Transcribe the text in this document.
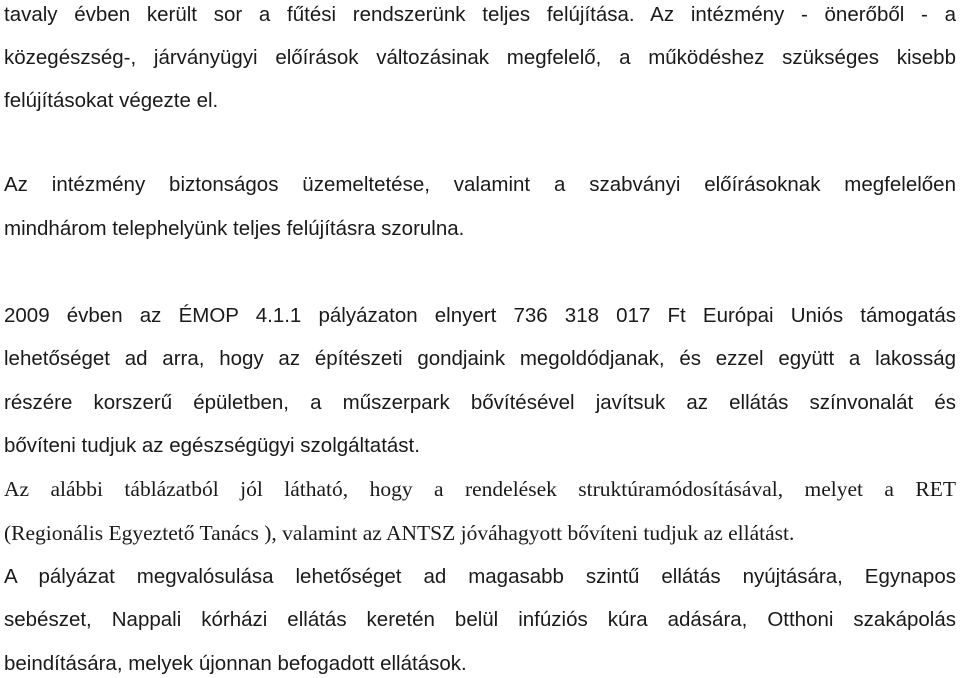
tavaly évben került sor a fűtési rendszerünk teljes felújítása. Az intézmény - önerőből - a
közegészség-, járványügyi előírások változásinak megfelelő, a működéshez szükséges kisebb
felújításokat végezte el.
Az intézmény biztonságos üzemeltetése, valamint a szabványi előírásoknak megfelelően
mindhárom telephelyünk teljes felújításra szorulna.
2009 évben az ÉMOP 4.1.1 pályázaton elnyert 736 318 017 Ft Európai Uniós támogatás
lehetőséget ad arra, hogy az építészeti gondjaink megoldódjanak, és ezzel együtt a lakosság
részére korszerű épületben, a műszerpark bővítésével javítsuk az ellátás színvonalát és
bővíteni tudjuk az egészségügyi szolgáltatást.
Az alábbi táblázatból jól látható, hogy a rendelések struktúramódosításával, melyet a RET
(Regionális Egyeztető Tanács ), valamint az ANTSZ jóváhagyott bővíteni tudjuk az ellátást.
A pályázat megvalósulása lehetőséget ad magasabb szintű ellátás nyújtására, Egynapos
sebészet, Nappali kórházi ellátás keretén belül infúziós kúra adására, Otthoni szakápolás
beindítására, melyek újonnan befogadott ellátások.
